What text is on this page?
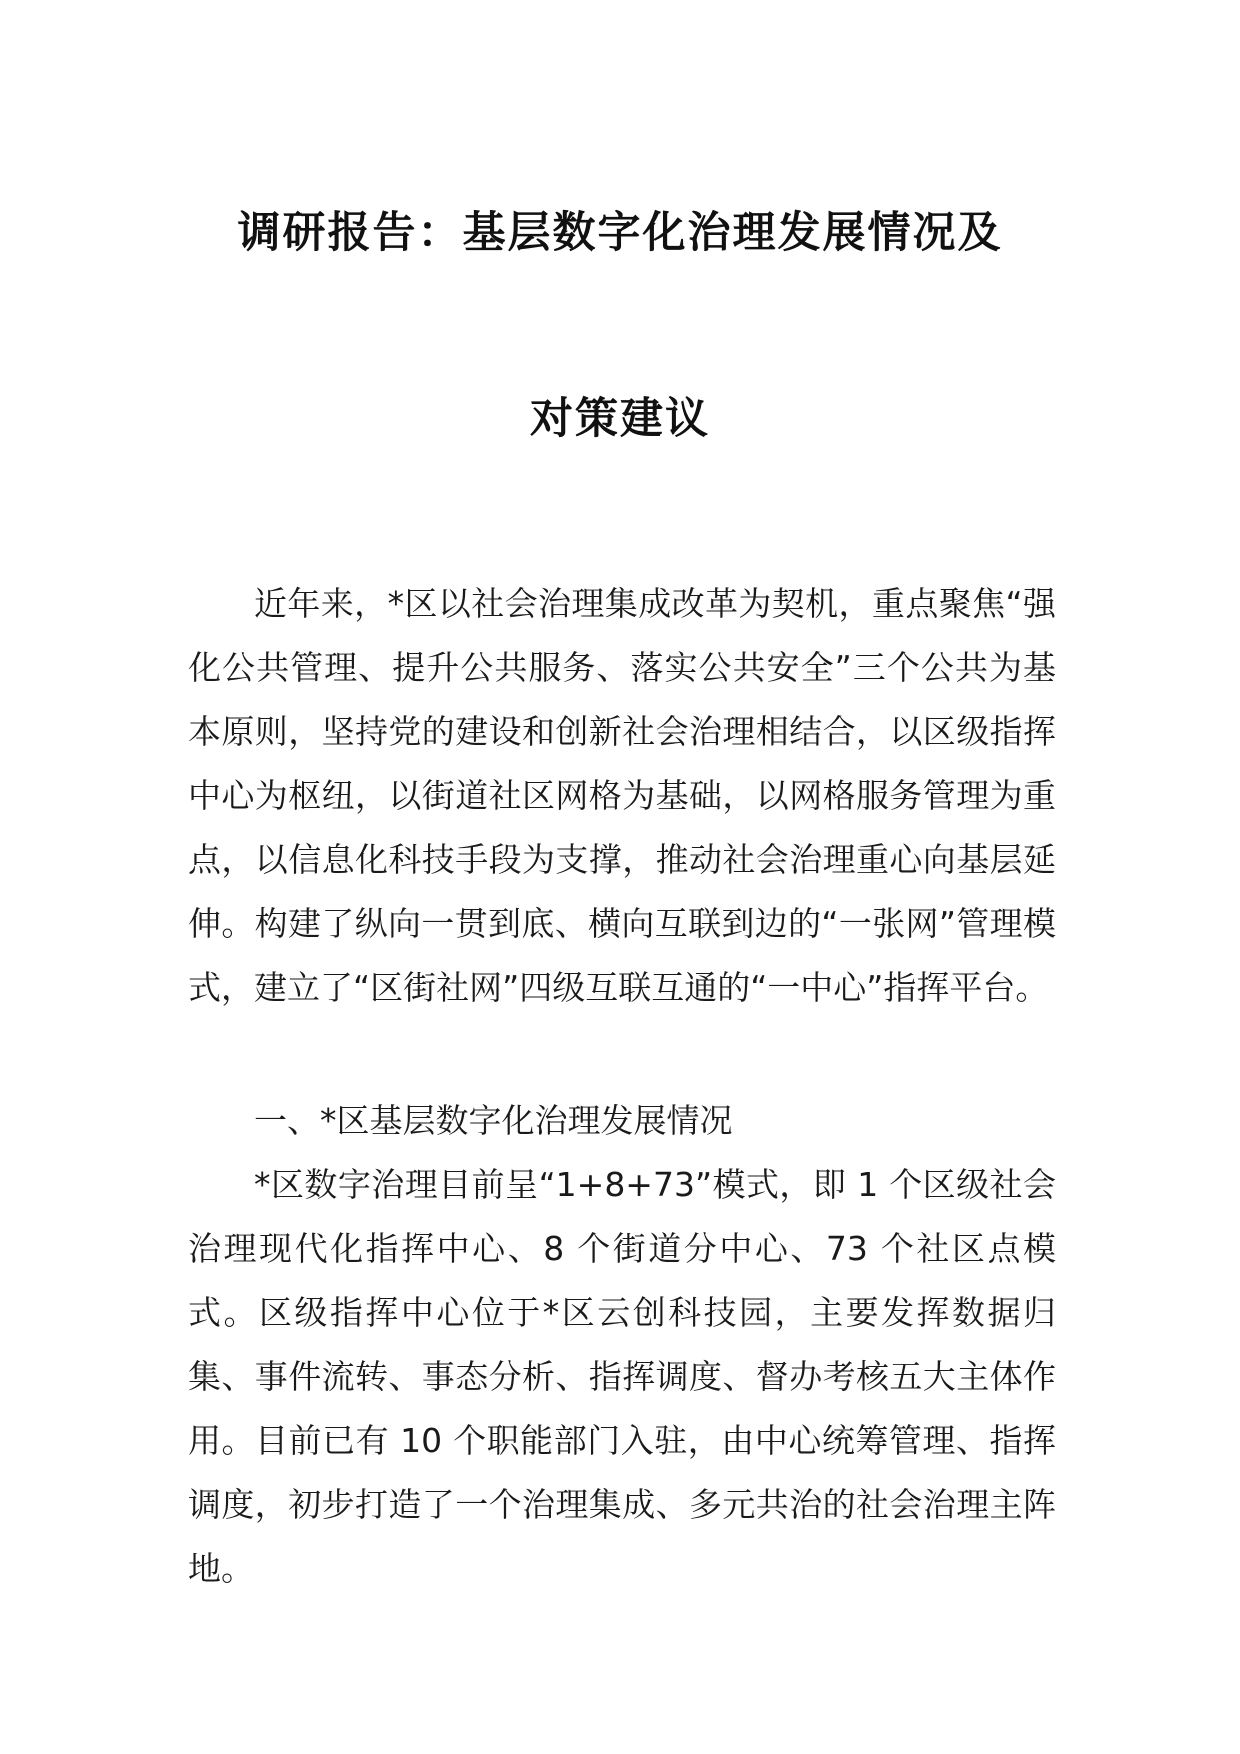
调研报告：基层数字化治理发展情况及
对策建议

近年来，*区以社会治理集成改革为契机，重点聚焦“强化公共管理、提升公共服务、落实公共安全”三个公共为基本原则，坚持党的建设和创新社会治理相结合，以区级指挥中心为枢纽，以街道社区网格为基础，以网格服务管理为重点，以信息化科技手段为支撑，推动社会治理重心向基层延伸。构建了纵向一贯到底、横向互联到边的“一张网”管理模式，建立了“区街社网”四级互联互通的“一中心”指挥平台。

一、*区基层数字化治理发展情况

*区数字治理目前呈“1+8+73”模式，即 1 个区级社会治理现代化指挥中心、8 个街道分中心、73 个社区点模式。区级指挥中心位于*区云创科技园，主要发挥数据归集、事件流转、事态分析、指挥调度、督办考核五大主体作用。目前已有 10 个职能部门入驻，由中心统筹管理、指挥调度，初步打造了一个治理集成、多元共治的社会治理主阵地。
